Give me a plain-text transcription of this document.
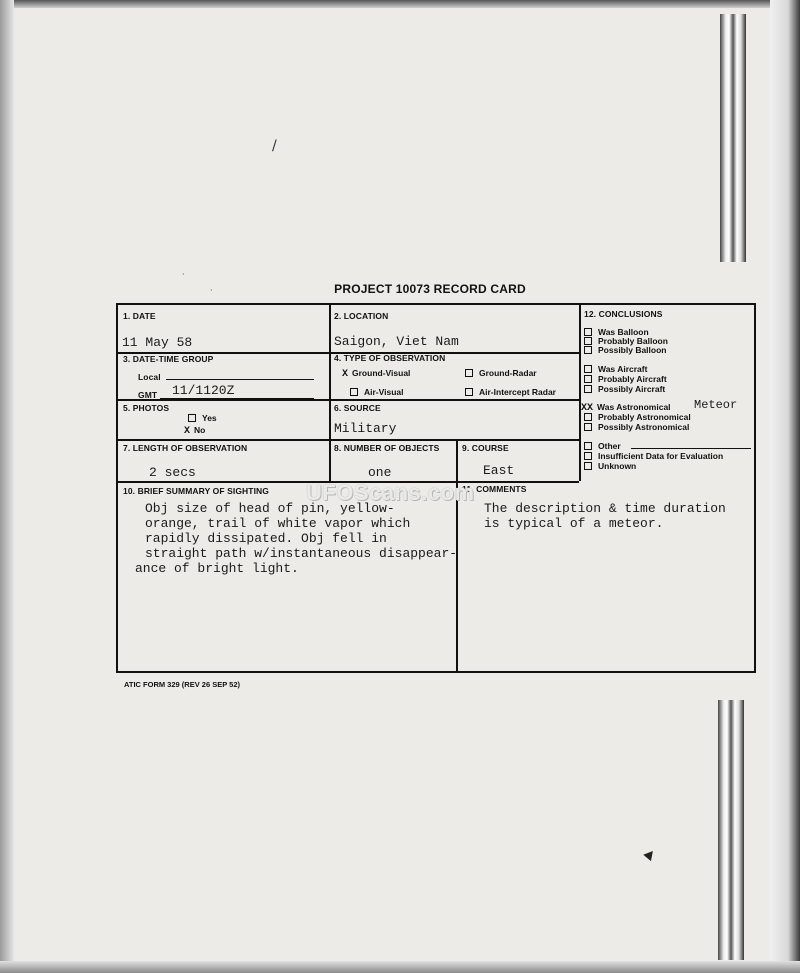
/
·
·	PROJECT 10073 RECORD CARD
1. DATE
11 May 58
2. LOCATION
Saigon, Viet Nam
3. DATE-TIME GROUP
Local
GMT 11/1120Z
4. TYPE OF OBSERVATION
X Ground-Visual	Ground-Radar
Air-Visual	Air-Intercept Radar
5. PHOTOS
Yes
X No
6. SOURCE
Military
7. LENGTH OF OBSERVATION
2 secs
8. NUMBER OF OBJECTS
one
9. COURSE
East
10. BRIEF SUMMARY OF SIGHTING
Obj size of head of pin, yellow-
orange, trail of white vapor which
rapidly dissipated. Obj fell in
straight path w/instantaneous disappear-
ance of bright light.
11. COMMENTS
The description & time duration
is typical of a meteor.
12. CONCLUSIONS
Was Balloon
Probably Balloon
Possibly Balloon
Was Aircraft
Probably Aircraft
Possibly Aircraft
XX Was Astronomical Meteor
Probably Astronomical
Possibly Astronomical
Other
Insufficient Data for Evaluation
Unknown
UFOScans.com
ATIC FORM 329 (REV 26 SEP 52)
